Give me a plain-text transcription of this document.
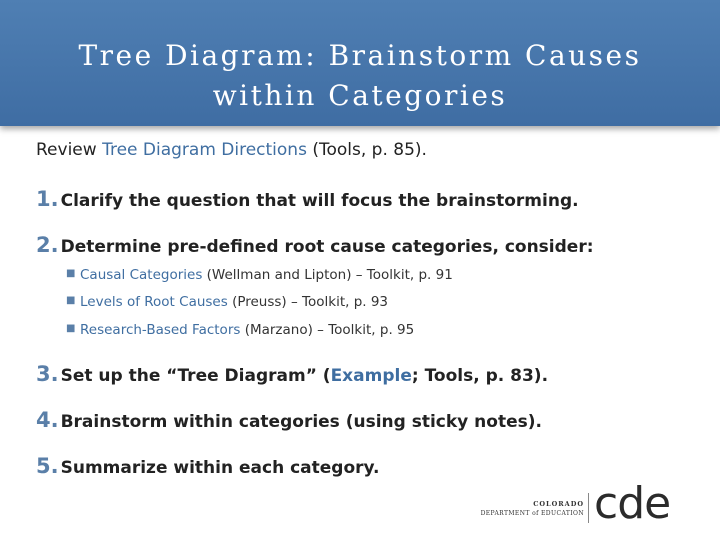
Tree Diagram: Brainstorm Causes
within Categories

Review Tree Diagram Directions (Tools, p. 85).

1. Clarify the question that will focus the brainstorming.

2. Determine pre-defined root cause categories, consider:

■ Causal Categories (Wellman and Lipton) – Toolkit, p. 91
■ Levels of Root Causes (Preuss) – Toolkit, p. 93
■ Research-Based Factors (Marzano) – Toolkit, p. 95

3. Set up the “Tree Diagram” (Example; Tools, p. 83).

4. Brainstorm within categories (using sticky notes).

5. Summarize within each category.

COLORADO
DEPARTMENT of EDUCATION cde
